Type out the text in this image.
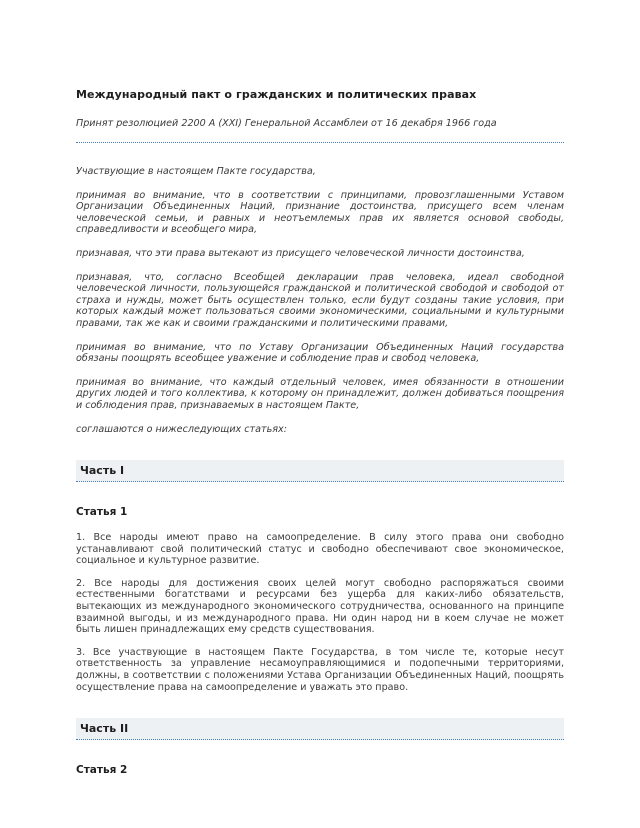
Международный пакт о гражданских и политических правах

Принят резолюцией 2200 А (XXI) Генеральной Ассамблеи от 16 декабря 1966 года

Участвующие в настоящем Пакте государства,

принимая во внимание, что в соответствии с принципами, провозглашенными Уставом Организации Объединенных Наций, признание достоинства, присущего всем членам человеческой семьи, и равных и неотъемлемых прав их является основой свободы, справедливости и всеобщего мира,

признавая, что эти права вытекают из присущего человеческой личности достоинства,

признавая, что, согласно Всеобщей декларации прав человека, идеал свободной человеческой личности, пользующейся гражданской и политической свободой и свободой от страха и нужды, может быть осуществлен только, если будут созданы такие условия, при которых каждый может пользоваться своими экономическими, социальными и культурными правами, так же как и своими гражданскими и политическими правами,

принимая во внимание, что по Уставу Организации Объединенных Наций государства обязаны поощрять всеобщее уважение и соблюдение прав и свобод человека,

принимая во внимание, что каждый отдельный человек, имея обязанности в отношении других людей и того коллектива, к которому он принадлежит, должен добиваться поощрения и соблюдения прав, признаваемых в настоящем Пакте,

соглашаются о нижеследующих статьях:

Часть I
Статья 1

1. Все народы имеют право на самоопределение. В силу этого права они свободно устанавливают свой политический статус и свободно обеспечивают свое экономическое, социальное и культурное развитие.

2. Все народы для достижения своих целей могут свободно распоряжаться своими естественными богатствами и ресурсами без ущерба для каких-либо обязательств, вытекающих из международного экономического сотрудничества, основанного на принципе взаимной выгоды, и из международного права. Ни один народ ни в коем случае не может быть лишен принадлежащих ему средств существования.

3. Все участвующие в настоящем Пакте Государства, в том числе те, которые несут ответственность за управление несамоуправляющимися и подопечными территориями, должны, в соответствии с положениями Устава Организации Объединенных Наций, поощрять осуществление права на самоопределение и уважать это право.

Часть II
Статья 2
